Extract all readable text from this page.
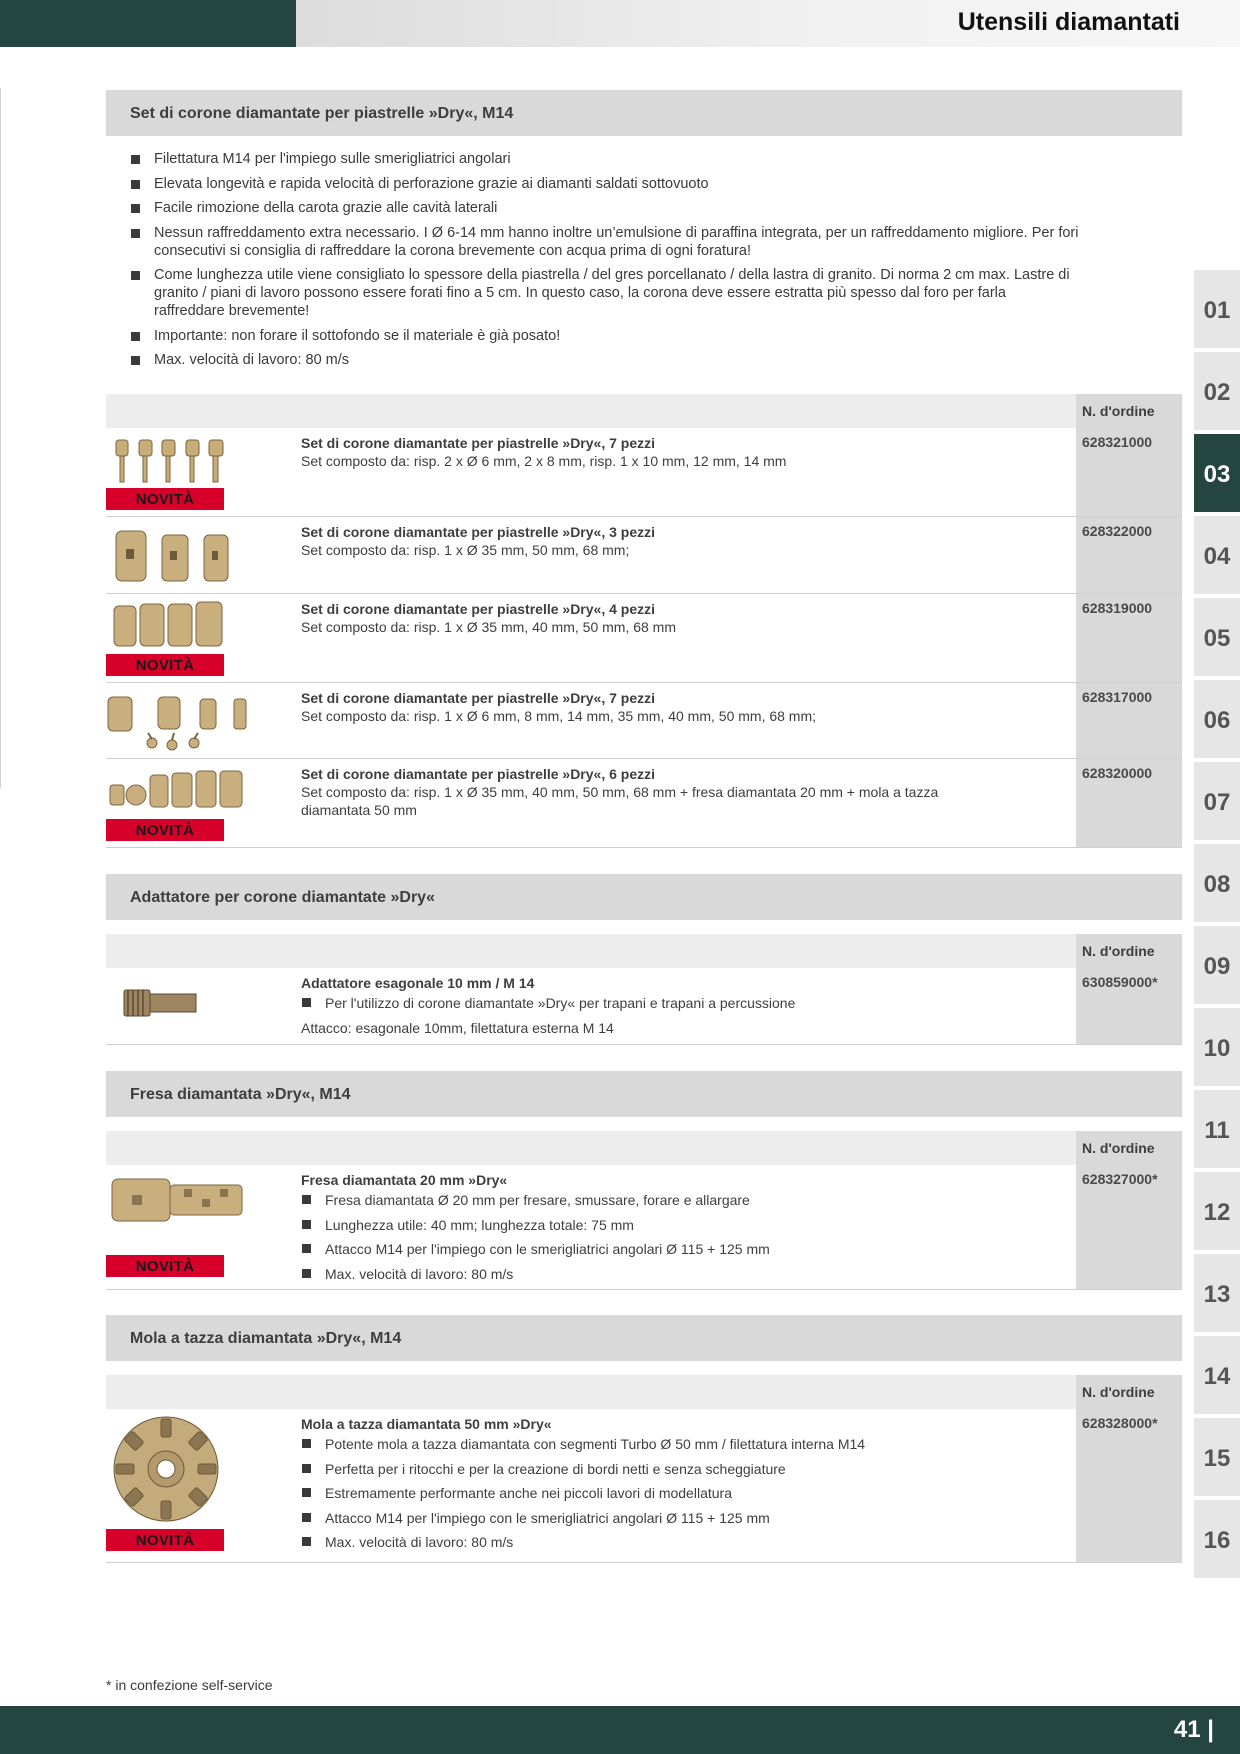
Utensili diamantati
Set di corone diamantate per piastrelle »Dry«, M14
Filettatura M14 per l'impiego sulle smerigliatrici angolari
Elevata longevità e rapida velocità di perforazione grazie ai diamanti saldati sottovuoto
Facile rimozione della carota grazie alle cavità laterali
Nessun raffreddamento extra necessario. I Ø 6-14 mm hanno inoltre un’emulsione di paraffina integrata, per un raffreddamento migliore. Per fori consecutivi si consiglia di raffreddare la corona brevemente con acqua prima di ogni foratura!
Come lunghezza utile viene consigliato lo spessore della piastrella / del gres porcellanato / della lastra di granito. Di norma 2 cm max. Lastre di granito / piani di lavoro possono essere forati fino a 5 cm. In questo caso, la corona deve essere estratta più spesso dal foro per farla raffreddare brevemente!
Importante: non forare il sottofondo se il materiale è già posato!
Max. velocità di lavoro: 80 m/s
N. d'ordine
NOVITÀ
Set di corone diamantate per piastrelle »Dry«, 7 pezzi
Set composto da: risp. 2 x Ø 6 mm, 2 x 8 mm, risp. 1 x 10 mm, 12 mm, 14 mm
628321000
Set di corone diamantate per piastrelle »Dry«, 3 pezzi
Set composto da: risp. 1 x Ø 35 mm, 50 mm, 68 mm;
628322000
NOVITÀ
Set di corone diamantate per piastrelle »Dry«, 4 pezzi
Set composto da: risp. 1 x Ø 35 mm, 40 mm, 50 mm, 68 mm
628319000
Set di corone diamantate per piastrelle »Dry«, 7 pezzi
Set composto da: risp. 1 x Ø 6 mm, 8 mm, 14 mm, 35 mm, 40 mm, 50 mm, 68 mm;
628317000
NOVITÀ
Set di corone diamantate per piastrelle »Dry«, 6 pezzi
Set composto da: risp. 1 x Ø 35 mm, 40 mm, 50 mm, 68 mm + fresa diamantata 20 mm + mola a tazza diamantata 50 mm
628320000
Adattatore per corone diamantate »Dry«
N. d'ordine
Adattatore esagonale 10 mm / M 14
Per l'utilizzo di corone diamantate »Dry« per trapani e trapani a percussione
Attacco: esagonale 10mm, filettatura esterna M 14
630859000*
Fresa diamantata »Dry«, M14
N. d'ordine
NOVITÀ
Fresa diamantata 20 mm »Dry«
Fresa diamantata Ø 20 mm per fresare, smussare, forare e allargare
Lunghezza utile: 40 mm; lunghezza totale: 75 mm
Attacco M14 per l'impiego con le smerigliatrici angolari Ø 115 + 125 mm
Max. velocità di lavoro: 80 m/s
628327000*
Mola a tazza diamantata »Dry«, M14
N. d'ordine
NOVITÀ
Mola a tazza diamantata 50 mm »Dry«
Potente mola a tazza diamantata con segmenti Turbo Ø 50 mm / filettatura interna M14
Perfetta per i ritocchi e per la creazione di bordi netti e senza scheggiature
Estremamente performante anche nei piccoli lavori di modellatura
Attacco M14 per l'impiego con le smerigliatrici angolari Ø 115 + 125 mm
Max. velocità di lavoro: 80 m/s
628328000*
01
02
03
04
05
06
07
08
09
10
11
12
13
14
15
16
* in confezione self-service
41 |
